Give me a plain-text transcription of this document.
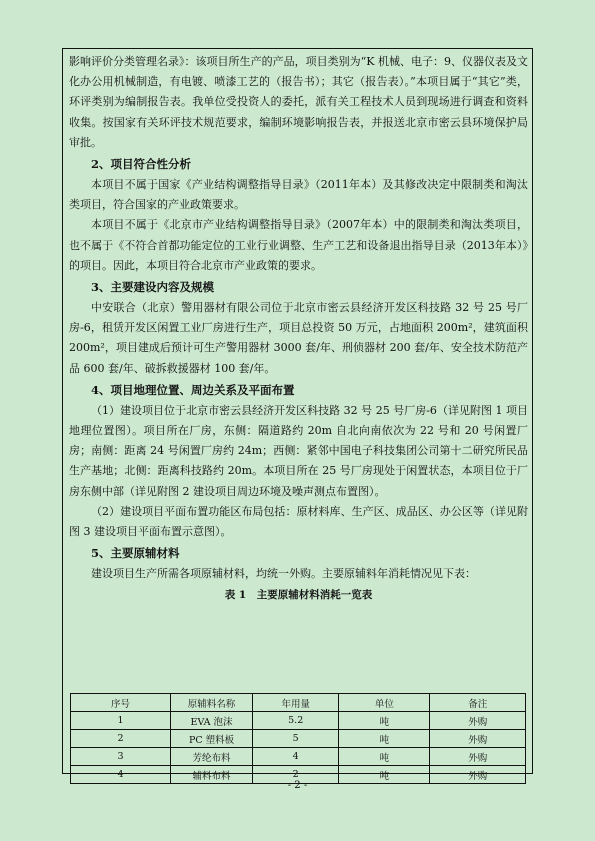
影响评价分类管理名录》：该项目所生产的产品，项目类别为“K 机械、电子：9、仪器仪表及文化办公用机械制造，有电镀、喷漆工艺的（报告书）；其它（报告表）。”本项目属于“其它”类，环评类别为编制报告表。我单位受投资人的委托，派有关工程技术人员到现场进行调查和资料收集。按国家有关环评技术规范要求，编制环境影响报告表，并报送北京市密云县环境保护局审批。

2、项目符合性分析

本项目不属于国家《产业结构调整指导目录》（2011年本）及其修改决定中限制类和淘汰类项目，符合国家的产业政策要求。

本项目不属于《北京市产业结构调整指导目录》（2007年本）中的限制类和淘汰类项目，也不属于《不符合首都功能定位的工业行业调整、生产工艺和设备退出指导目录（2013年本）》的项目。因此，本项目符合北京市产业政策的要求。

3、主要建设内容及规模

中安联合（北京）警用器材有限公司位于北京市密云县经济开发区科技路 32 号 25 号厂房-6，租赁开发区闲置工业厂房进行生产，项目总投资 50 万元，占地面积 200m²，建筑面积 200m²，项目建成后预计可生产警用器材 3000 套/年、刑侦器材 200 套/年、安全技术防范产品 600 套/年、破拆救援器材 100 套/年。

4、项目地理位置、周边关系及平面布置

（1）建设项目位于北京市密云县经济开发区科技路 32 号 25 号厂房-6（详见附图 1 项目地理位置图）。项目所在厂房，东侧：隔道路约 20m 自北向南依次为 22 号和 20 号闲置厂房；南侧：距离 24 号闲置厂房约 24m；西侧：紧邻中国电子科技集团公司第十二研究所民品生产基地；北侧：距离科技路约 20m。本项目所在 25 号厂房现处于闲置状态，本项目位于厂房东侧中部（详见附图 2 建设项目周边环境及噪声测点布置图）。

（2）建设项目平面布置功能区布局包括：原材料库、生产区、成品区、办公区等（详见附图 3 建设项目平面布置示意图）。

5、主要原辅材料

建设项目生产所需各项原辅材料，均统一外购。主要原辅料年消耗情况见下表：

表 1　主要原辅材料消耗一览表
序号	原辅料名称	年用量	单位	备注
1	EVA 泡沫	5.2	吨	外购
2	PC 塑料板	5	吨	外购
3	芳纶布料	4	吨	外购
4	辅料布料	2	吨	外购
- 2 -
